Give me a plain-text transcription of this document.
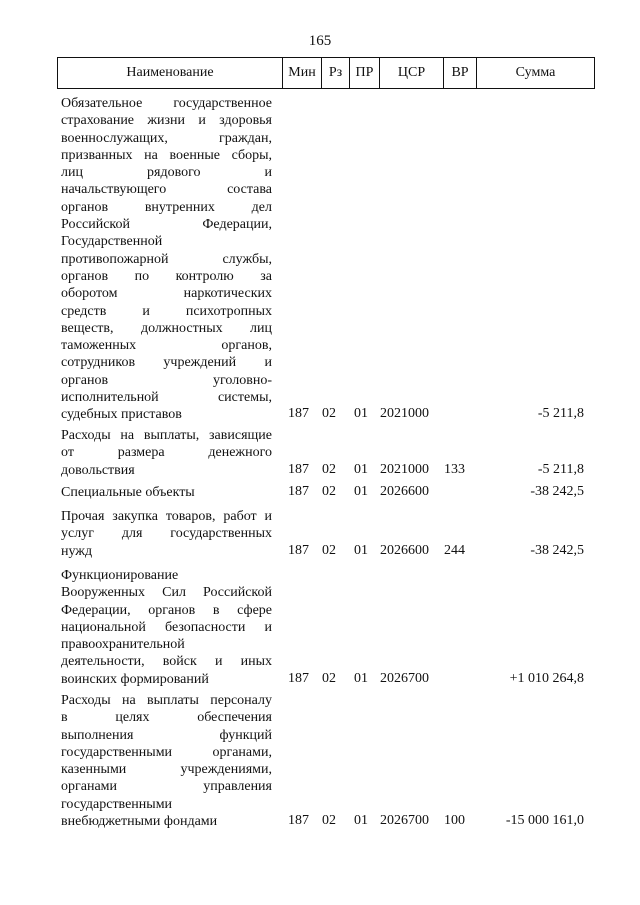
165
Наименование	Мин Рз ПР	ЦСР	ВР	Сумма
Обязательное государственное
страхование жизни и здоровья
военнослужащих, граждан,
призванных на военные сборы,
лиц рядового и
начальствующего состава
органов внутренних дел
Российской Федерации,
Государственной
противопожарной службы,
органов по контролю за
оборотом наркотических
средств и психотропных
веществ, должностных лиц
таможенных органов,
сотрудников учреждений и
органов уголовно-
исполнительной системы,
судебных приставов	187 02 01 2021000	-5 211,8
Расходы на выплаты, зависящие
от размера денежного
довольствия	187 02 01 2021000 133	-5 211,8
Специальные объекты	187 02 01 2026600	-38 242,5
Прочая закупка товаров, работ и
услуг для государственных
нужд	187 02 01 2026600 244	-38 242,5
Функционирование
Вооруженных Сил Российской
Федерации, органов в сфере
национальной безопасности и
правоохранительной
деятельности, войск и иных
воинских формирований	187 02 01 2026700	+1 010 264,8
Расходы на выплаты персоналу
в целях обеспечения
выполнения функций
государственными органами,
казенными учреждениями,
органами управления
государственными
внебюджетными фондами	187 02 01 2026700 100	-15 000 161,0
